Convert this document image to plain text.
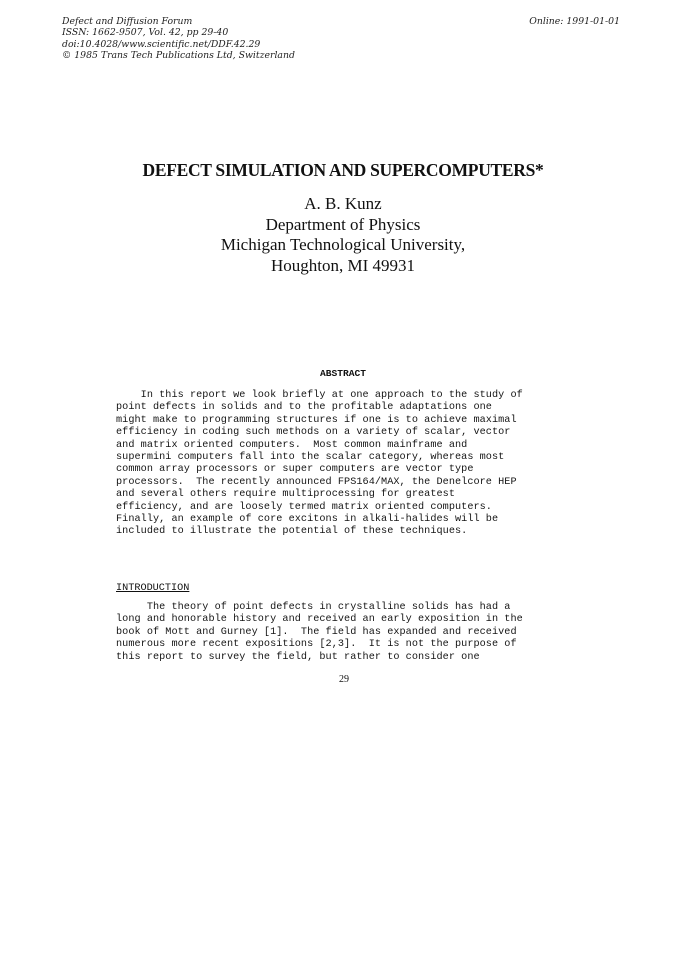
Defect and Diffusion Forum
ISSN: 1662-9507, Vol. 42, pp 29-40
doi:10.4028/www.scientific.net/DDF.42.29
© 1985 Trans Tech Publications Ltd, Switzerland
Online: 1991-01-01
DEFECT SIMULATION AND SUPERCOMPUTERS*
A. B. Kunz
Department of Physics
Michigan Technological University,
Houghton, MI 49931
ABSTRACT
In this report we look briefly at one approach to the study of
point defects in solids and to the profitable adaptations one
might make to programming structures if one is to achieve maximal
efficiency in coding such methods on a variety of scalar, vector
and matrix oriented computers.  Most common mainframe and
supermini computers fall into the scalar category, whereas most
common array processors or super computers are vector type
processors.  The recently announced FPS164/MAX, the Denelcore HEP
and several others require multiprocessing for greatest
efficiency, and are loosely termed matrix oriented computers.
Finally, an example of core excitons in alkali-halides will be
included to illustrate the potential of these techniques.
INTRODUCTION
The theory of point defects in crystalline solids has had a
long and honorable history and received an early exposition in the
book of Mott and Gurney [1].  The field has expanded and received
numerous more recent expositions [2,3].  It is not the purpose of
this report to survey the field, but rather to consider one
29
